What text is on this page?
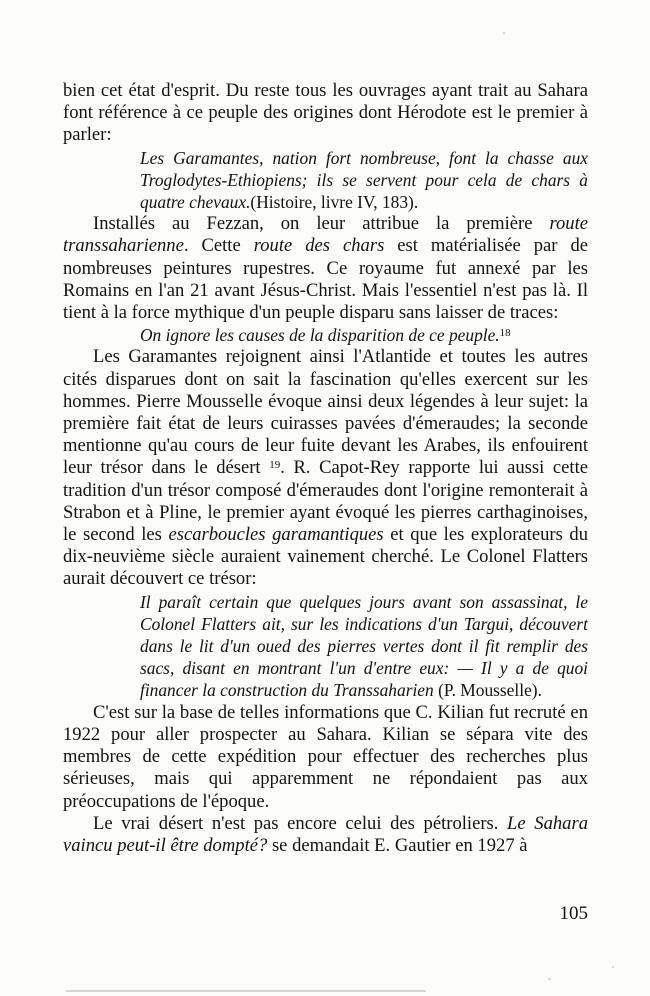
bien cet état d'esprit. Du reste tous les ouvrages ayant trait au Sahara font référence à ce peuple des origines dont Hérodote est le premier à parler:

Les Garamantes, nation fort nombreuse, font la chasse aux Troglodytes-Ethiopiens; ils se servent pour cela de chars à quatre chevaux.(Histoire, livre IV, 183).

Installés au Fezzan, on leur attribue la première route transsaharienne. Cette route des chars est matérialisée par de nombreuses peintures rupestres. Ce royaume fut annexé par les Romains en l'an 21 avant Jésus-Christ. Mais l'essentiel n'est pas là. Il tient à la force mythique d'un peuple disparu sans laisser de traces:

On ignore les causes de la disparition de ce peuple.$^{18}$

Les Garamantes rejoignent ainsi l'Atlantide et toutes les autres cités disparues dont on sait la fascination qu'elles exercent sur les hommes. Pierre Mousselle évoque ainsi deux légendes à leur sujet: la première fait état de leurs cuirasses pavées d'émeraudes; la seconde mentionne qu'au cours de leur fuite devant les Arabes, ils enfouirent leur trésor dans le désert $^{19}$. R. Capot-Rey rapporte lui aussi cette tradition d'un trésor composé d'émeraudes dont l'origine remonterait à Strabon et à Pline, le premier ayant évoqué les pierres carthaginoises, le second les escarboucles garamantiques et que les explorateurs du dix-neuvième siècle auraient vainement cherché. Le Colonel Flatters aurait découvert ce trésor:

Il paraît certain que quelques jours avant son assassinat, le Colonel Flatters ait, sur les indications d'un Targui, découvert dans le lit d'un oued des pierres vertes dont il fit remplir des sacs, disant en montrant l'un d'entre eux: — Il y a de quoi financer la construction du Transsaharien (P. Mousselle).

C'est sur la base de telles informations que C. Kilian fut recruté en 1922 pour aller prospecter au Sahara. Kilian se sépara vite des membres de cette expédition pour effectuer des recherches plus sérieuses, mais qui apparemment ne répondaient pas aux préoccupations de l'époque.

Le vrai désert n'est pas encore celui des pétroliers. Le Sahara vaincu peut-il être dompté? se demandait E. Gautier en 1927 à

105
